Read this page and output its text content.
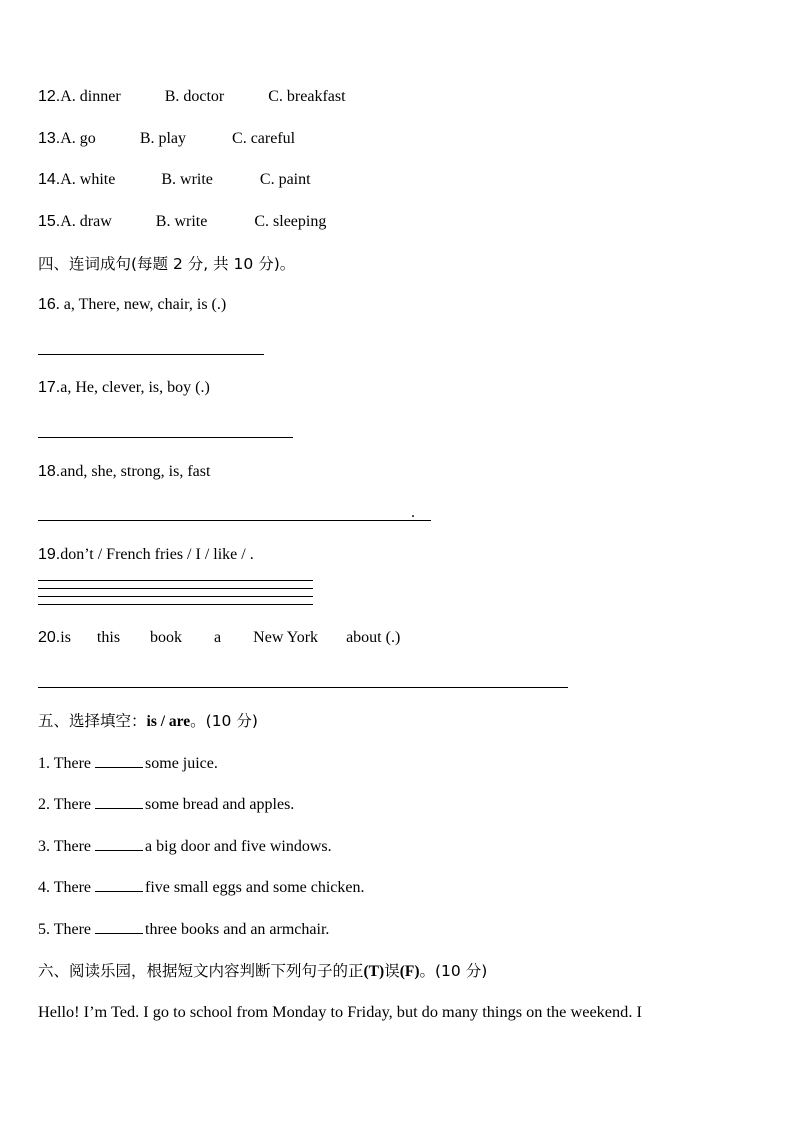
12.A. dinner	B. doctor	C. breakfast
13.A. go	B. play	C. careful
14.A. white	B. write	C. paint
15.A. draw	B. write	C. sleeping
四、连词成句(每题 2 分, 共 10 分)。
16. a, There, new, chair, is (.)
17.a, He, clever, is, boy (.)
18.and, she, strong, is, fast
.
19.don’t / French fries / I / like / .
20.is this book a New York about (.)
五、选择填空：is / are。(10 分)
1. There	some juice.
2. There	some bread and apples.
3. There	a big door and five windows.
4. There	five small eggs and some chicken.
5. There	three books and an armchair.
六、阅读乐园，根据短文内容判断下列句子的正(T)误(F)。(10 分)
Hello! I’m Ted. I go to school from Monday to Friday, but do many things on the weekend. I
